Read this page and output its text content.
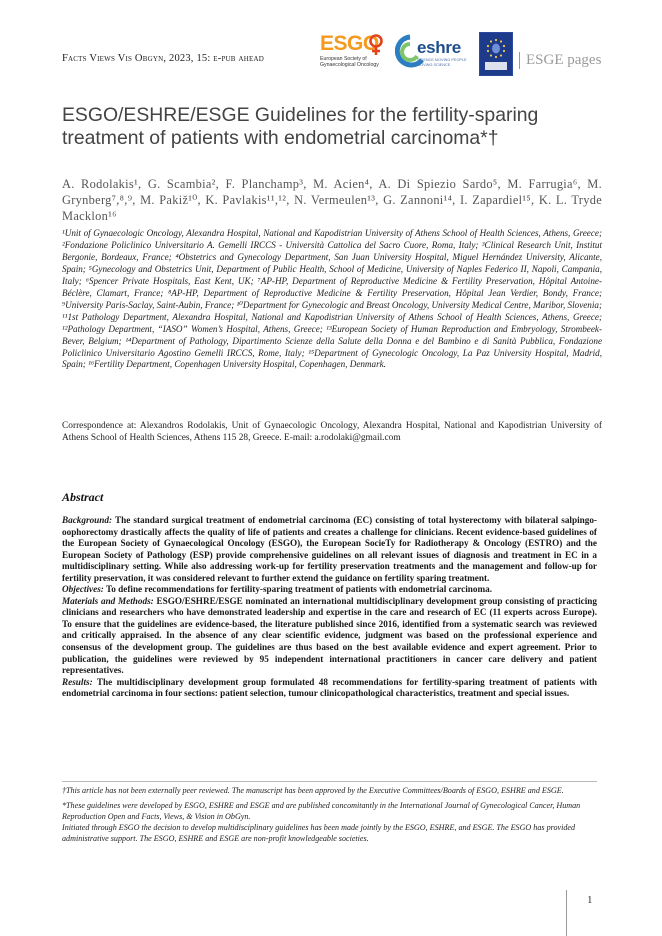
Facts Views Vis Obgyn, 2023, 15: e-pub ahead
ESGO
European Society of Gynaecological Oncology
eshre
SCIENCE MOVING PEOPLE MOVING SCIENCE	ESGE pages
ESGO/ESHRE/ESGE Guidelines for the fertility-sparing treatment of patients with endometrial carcinoma*†
A. Rodolakis¹, G. Scambia², F. Planchamp³, M. Acien⁴, A. Di Spiezio Sardo⁵, M. Farrugia⁶, M. Grynberg⁷,⁸,⁹, M. Pakiž¹⁰, K. Pavlakis¹¹,¹², N. Vermeulen¹³, G. Zannoni¹⁴, I. Zapardiel¹⁵, K. L. Tryde Macklon¹⁶
¹Unit of Gynaecologic Oncology, Alexandra Hospital, National and Kapodistrian University of Athens School of Health Sciences, Athens, Greece; ²Fondazione Policlinico Universitario A. Gemelli IRCCS - Università Cattolica del Sacro Cuore, Roma, Italy; ³Clinical Research Unit, Institut Bergonie, Bordeaux, France; ⁴Obstetrics and Gynecology Department, San Juan University Hospital, Miguel Hernández University, Alicante, Spain; ⁵Gynecology and Obstetrics Unit, Department of Public Health, School of Medicine, University of Naples Federico II, Napoli, Campania, Italy; ⁶Spencer Private Hospitals, East Kent, UK; ⁷AP-HP, Department of Reproductive Medicine & Fertility Preservation, Hôpital Antoine-Béclère, Clamart, France; ⁸AP-HP, Department of Reproductive Medicine & Fertility Preservation, Hôpital Jean Verdier, Bondy, France; ⁹University Paris-Saclay, Saint-Aubin, France; ¹⁰Department for Gynecologic and Breast Oncology, University Medical Centre, Maribor, Slovenia; ¹¹1st Pathology Department, Alexandra Hospital, National and Kapodistrian University of Athens School of Health Sciences, Athens, Greece; ¹²Pathology Department, “IASO” Women’s Hospital, Athens, Greece; ¹³European Society of Human Reproduction and Embryology, Strombeek-Bever, Belgium; ¹⁴Department of Pathology, Dipartimento Scienze della Salute della Donna e del Bambino e di Sanità Pubblica, Fondazione Policlinico Universitario Agostino Gemelli IRCCS, Rome, Italy; ¹⁵Department of Gynecologic Oncology, La Paz University Hospital, Madrid, Spain; ¹⁶Fertility Department, Copenhagen University Hospital, Copenhagen, Denmark.
Correspondence at: Alexandros Rodolakis, Unit of Gynaecologic Oncology, Alexandra Hospital, National and Kapodistrian University of Athens School of Health Sciences, Athens 115 28, Greece. E-mail: a.rodolaki@gmail.com
Abstract

Background: The standard surgical treatment of endometrial carcinoma (EC) consisting of total hysterectomy with bilateral salpingo-oophorectomy drastically affects the quality of life of patients and creates a challenge for clinicians. Recent evidence-based guidelines of the European Society of Gynaecological Oncology (ESGO), the European SocieTy for Radiotherapy & Oncology (ESTRO) and the European Society of Pathology (ESP) provide comprehensive guidelines on all relevant issues of diagnosis and treatment in EC in a multidisciplinary setting. While also addressing work-up for fertility preservation treatments and the management and follow-up for fertility preservation, it was considered relevant to further extend the guidance on fertility sparing treatment.

Objectives: To define recommendations for fertility-sparing treatment of patients with endometrial carcinoma.

Materials and Methods: ESGO/ESHRE/ESGE nominated an international multidisciplinary development group consisting of practicing clinicians and researchers who have demonstrated leadership and expertise in the care and research of EC (11 experts across Europe). To ensure that the guidelines are evidence-based, the literature published since 2016, identified from a systematic search was reviewed and critically appraised. In the absence of any clear scientific evidence, judgment was based on the professional experience and consensus of the development group. The guidelines are thus based on the best available evidence and expert agreement. Prior to publication, the guidelines were reviewed by 95 independent international practitioners in cancer care delivery and patient representatives.

Results: The multidisciplinary development group formulated 48 recommendations for fertility-sparing treatment of patients with endometrial carcinoma in four sections: patient selection, tumour clinicopathological characteristics, treatment and special issues.

†This article has not been externally peer reviewed. The manuscript has been approved by the Executive Committees/Boards of ESGO, ESHRE and ESGE.

*These guidelines were developed by ESGO, ESHRE and ESGE and are published concomitantly in the International Journal of Gynecological Cancer, Human Reproduction Open and Facts, Views, & Vision in ObGyn.

Initiated through ESGO the decision to develop multidisciplinary guidelines has been made jointly by the ESGO, ESHRE, and ESGE. The ESGO has provided administrative support. The ESGO, ESHRE and ESGE are non-profit knowledgeable societies.

1
